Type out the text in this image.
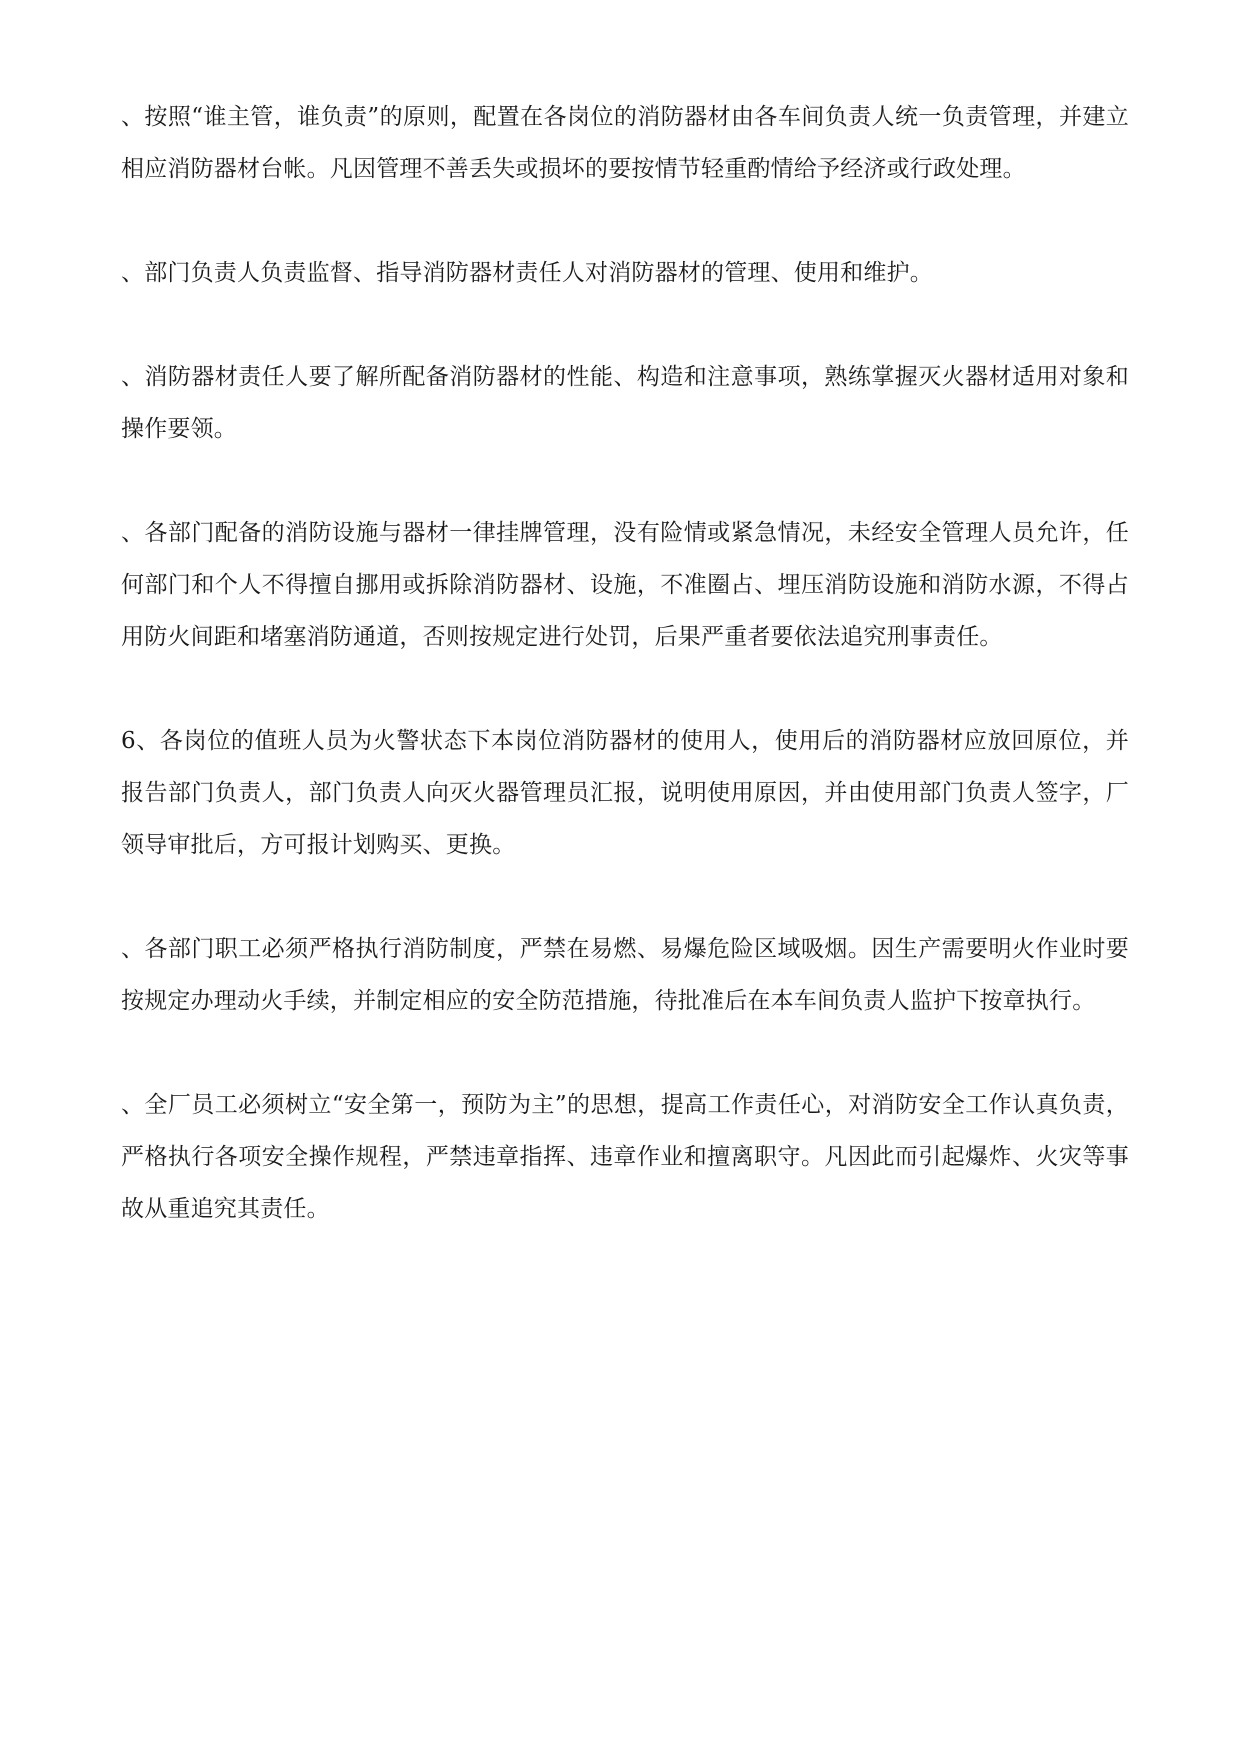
、按照“谁主管，谁负责”的原则，配置在各岗位的消防器材由各车间负责人统一负责管理，并建立相应消防器材台帐。凡因管理不善丢失或损坏的要按情节轻重酌情给予经济或行政处理。

、部门负责人负责监督、指导消防器材责任人对消防器材的管理、使用和维护。

、消防器材责任人要了解所配备消防器材的性能、构造和注意事项，熟练掌握灭火器材适用对象和操作要领。

、各部门配备的消防设施与器材一律挂牌管理，没有险情或紧急情况，未经安全管理人员允许，任何部门和个人不得擅自挪用或拆除消防器材、设施，不准圈占、埋压消防设施和消防水源，不得占用防火间距和堵塞消防通道，否则按规定进行处罚，后果严重者要依法追究刑事责任。

6、各岗位的值班人员为火警状态下本岗位消防器材的使用人，使用后的消防器材应放回原位，并报告部门负责人，部门负责人向灭火器管理员汇报，说明使用原因，并由使用部门负责人签字，厂领导审批后，方可报计划购买、更换。

、各部门职工必须严格执行消防制度，严禁在易燃、易爆危险区域吸烟。因生产需要明火作业时要按规定办理动火手续，并制定相应的安全防范措施，待批准后在本车间负责人监护下按章执行。

、全厂员工必须树立“安全第一，预防为主”的思想，提高工作责任心，对消防安全工作认真负责，严格执行各项安全操作规程，严禁违章指挥、违章作业和擅离职守。凡因此而引起爆炸、火灾等事故从重追究其责任。
